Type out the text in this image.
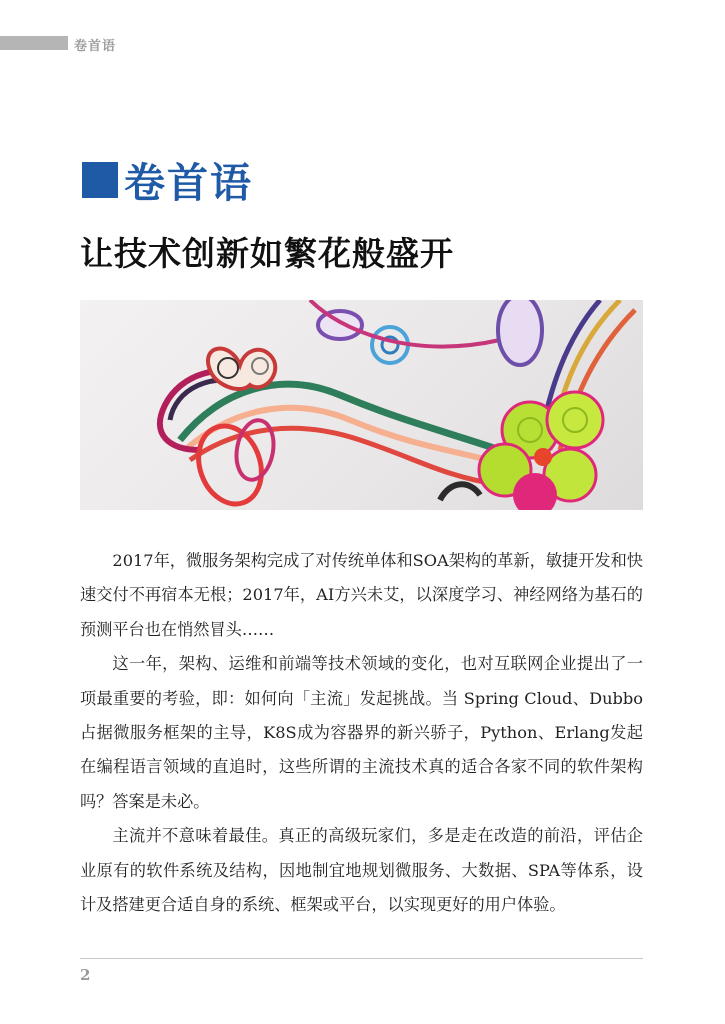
卷首语
卷首语
让技术创新如繁花般盛开

2017年，微服务架构完成了对传统单体和SOA架构的革新，敏捷开发和快速交付不再宿本无根；2017年，AI方兴未艾，以深度学习、神经网络为基石的预测平台也在悄然冒头……

这一年，架构、运维和前端等技术领域的变化，也对互联网企业提出了一项最重要的考验，即：如何向「主流」发起挑战。当 Spring Cloud、Dubbo占据微服务框架的主导，K8S成为容器界的新兴骄子，Python、Erlang发起在编程语言领域的直追时，这些所谓的主流技术真的适合各家不同的软件架构吗？答案是未必。

主流并不意味着最佳。真正的高级玩家们，多是走在改造的前沿，评估企业原有的软件系统及结构，因地制宜地规划微服务、大数据、SPA等体系，设计及搭建更合适自身的系统、框架或平台，以实现更好的用户体验。

2
